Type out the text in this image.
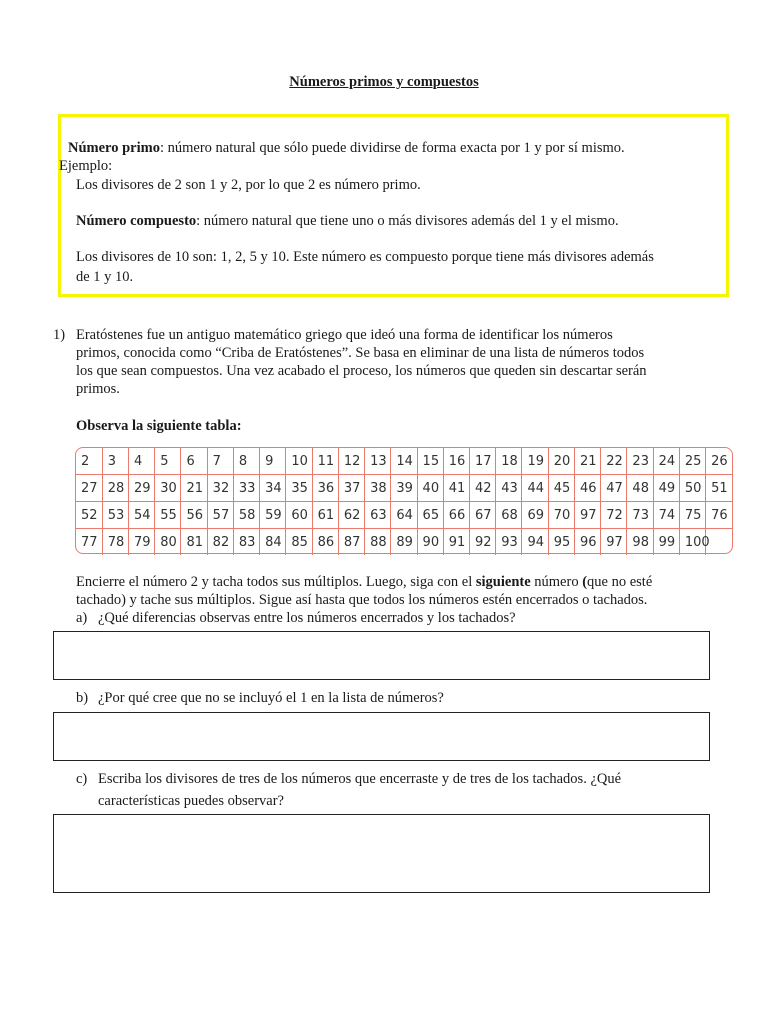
Números primos y compuestos
Número primo: número natural que sólo puede dividirse de forma exacta por 1 y por sí mismo.
Ejemplo:
Los divisores de 2 son 1 y 2, por lo que 2 es número primo.
Número compuesto: número natural que tiene uno o más divisores además del 1 y el mismo.
Los divisores de 10 son: 1, 2, 5 y 10. Este número es compuesto porque tiene más divisores además
de 1 y 10.
1) Eratóstenes fue un antiguo matemático griego que ideó una forma de identificar los números
primos, conocida como “Criba de Eratóstenes”. Se basa en eliminar de una lista de números todos
los que sean compuestos. Una vez acabado el proceso, los números que queden sin descartar serán
primos.
Observa la siguiente tabla:
2	3	4	5	6	7	8	9	10	11	12	13	14	15	16	17	18	19	20	21	22	23	24	25	26
27	28	29	30	21	32	33	34	35	36	37	38	39	40	41	42	43	44	45	46	47	48	49	50	51
52	53	54	55	56	57	58	59	60	61	62	63	64	65	66	67	68	69	70	97	72	73	74	75	76
77	78	79	80	81	82	83	84	85	86	87	88	89	90	91	92	93	94	95	96	97	98	99	100	
Encierre el número 2 y tacha todos sus múltiplos. Luego, siga con el siguiente número (que no esté
tachado) y tache sus múltiplos. Sigue así hasta que todos los números estén encerrados o tachados.
a) ¿Qué diferencias observas entre los números encerrados y los tachados?
b) ¿Por qué cree que no se incluyó el 1 en la lista de números?
c) Escriba los divisores de tres de los números que encerraste y de tres de los tachados. ¿Qué
características puedes observar?
